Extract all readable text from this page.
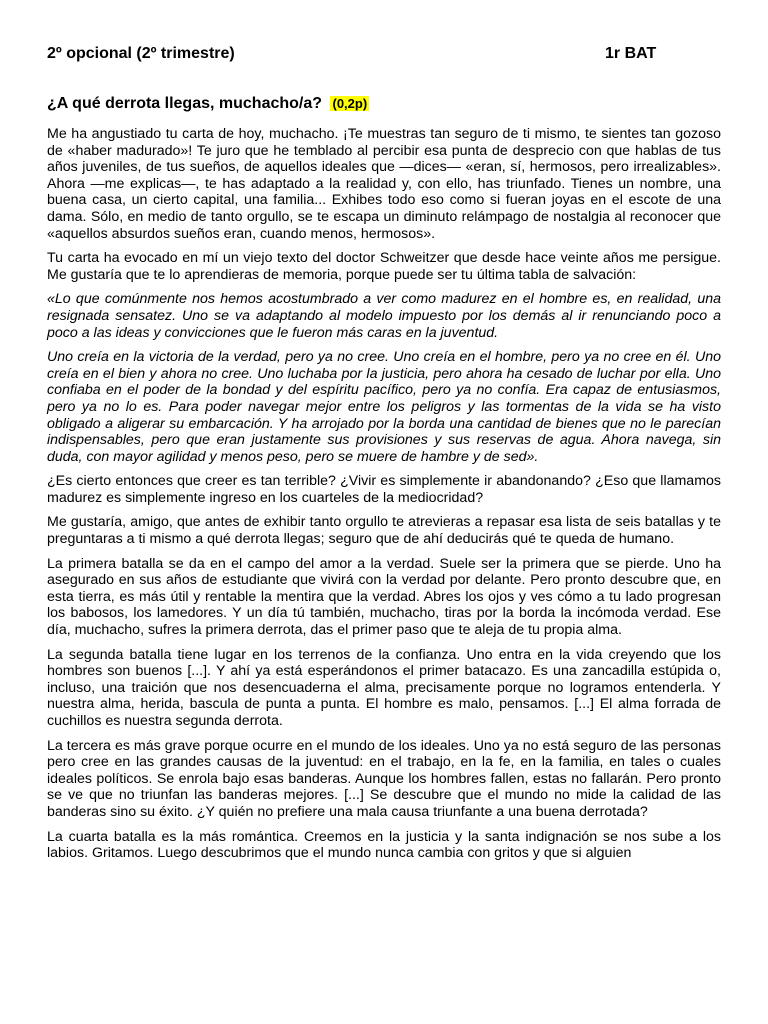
2º opcional (2º trimestre)	1r BAT
¿A qué derrota llegas, muchacho/a? (0,2p)

Me ha angustiado tu carta de hoy, muchacho. ¡Te muestras tan seguro de ti mismo, te sientes tan gozoso de «haber madurado»! Te juro que he temblado al percibir esa punta de desprecio con que hablas de tus años juveniles, de tus sueños, de aquellos ideales que —dices— «eran, sí, hermosos, pero irrealizables». Ahora —me explicas—, te has adaptado a la realidad y, con ello, has triunfado. Tienes un nombre, una buena casa, un cierto capital, una familia... Exhibes todo eso como si fueran joyas en el escote de una dama. Sólo, en medio de tanto orgullo, se te escapa un diminuto relámpago de nostalgia al reconocer que «aquellos absurdos sueños eran, cuando menos, hermosos».

Tu carta ha evocado en mí un viejo texto del doctor Schweitzer que desde hace veinte años me persigue. Me gustaría que te lo aprendieras de memoria, porque puede ser tu última tabla de salvación:

«Lo que comúnmente nos hemos acostumbrado a ver como madurez en el hombre es, en realidad, una resignada sensatez. Uno se va adaptando al modelo impuesto por los demás al ir renunciando poco a poco a las ideas y convicciones que le fueron más caras en la juventud.

Uno creía en la victoria de la verdad, pero ya no cree. Uno creía en el hombre, pero ya no cree en él. Uno creía en el bien y ahora no cree. Uno luchaba por la justicia, pero ahora ha cesado de luchar por ella. Uno confiaba en el poder de la bondad y del espíritu pacífico, pero ya no confía. Era capaz de entusiasmos, pero ya no lo es. Para poder navegar mejor entre los peligros y las tormentas de la vida se ha visto obligado a aligerar su embarcación. Y ha arrojado por la borda una cantidad de bienes que no le parecían indispensables, pero que eran justamente sus provisiones y sus reservas de agua. Ahora navega, sin duda, con mayor agilidad y menos peso, pero se muere de hambre y de sed».

¿Es cierto entonces que creer es tan terrible? ¿Vivir es simplemente ir abandonando? ¿Eso que llamamos madurez es simplemente ingreso en los cuarteles de la mediocridad?

Me gustaría, amigo, que antes de exhibir tanto orgullo te atrevieras a repasar esa lista de seis batallas y te preguntaras a ti mismo a qué derrota llegas; seguro que de ahí deducirás qué te queda de humano.

La primera batalla se da en el campo del amor a la verdad. Suele ser la primera que se pierde. Uno ha asegurado en sus años de estudiante que vivirá con la verdad por delante. Pero pronto descubre que, en esta tierra, es más útil y rentable la mentira que la verdad. Abres los ojos y ves cómo a tu lado progresan los babosos, los lamedores. Y un día tú también, muchacho, tiras por la borda la incómoda verdad. Ese día, muchacho, sufres la primera derrota, das el primer paso que te aleja de tu propia alma.

La segunda batalla tiene lugar en los terrenos de la confianza. Uno entra en la vida creyendo que los hombres son buenos [...]. Y ahí ya está esperándonos el primer batacazo. Es una zancadilla estúpida o, incluso, una traición que nos desencuaderna el alma, precisamente porque no logramos entenderla. Y nuestra alma, herida, bascula de punta a punta. El hombre es malo, pensamos. [...] El alma forrada de cuchillos es nuestra segunda derrota.

La tercera es más grave porque ocurre en el mundo de los ideales. Uno ya no está seguro de las personas pero cree en las grandes causas de la juventud: en el trabajo, en la fe, en la familia, en tales o cuales ideales políticos. Se enrola bajo esas banderas. Aunque los hombres fallen, estas no fallarán. Pero pronto se ve que no triunfan las banderas mejores. [...] Se descubre que el mundo no mide la calidad de las banderas sino su éxito. ¿Y quién no prefiere una mala causa triunfante a una buena derrotada?

La cuarta batalla es la más romántica. Creemos en la justicia y la santa indignación se nos sube a los labios. Gritamos. Luego descubrimos que el mundo nunca cambia con gritos y que si alguien
